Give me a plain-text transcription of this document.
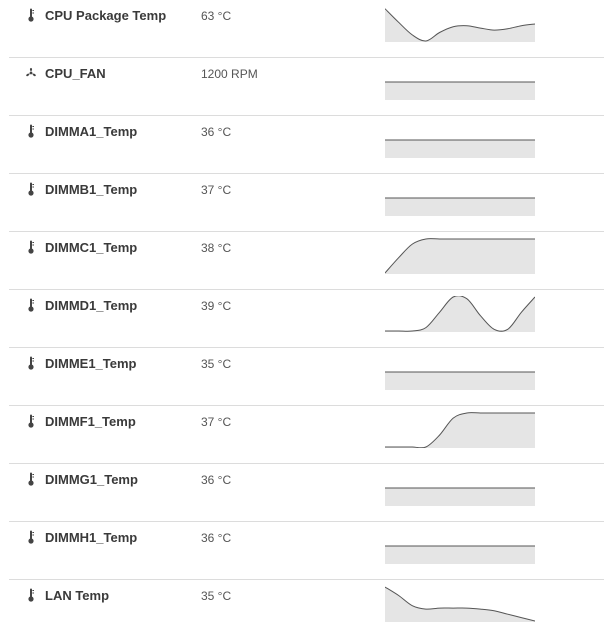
CPU Package Temp	63 °C
CPU_FAN	1200 RPM
DIMMA1_Temp	36 °C
DIMMB1_Temp	37 °C
DIMMC1_Temp	38 °C
DIMMD1_Temp	39 °C
DIMME1_Temp	35 °C
DIMMF1_Temp	37 °C
DIMMG1_Temp	36 °C
DIMMH1_Temp	36 °C
LAN Temp	35 °C
